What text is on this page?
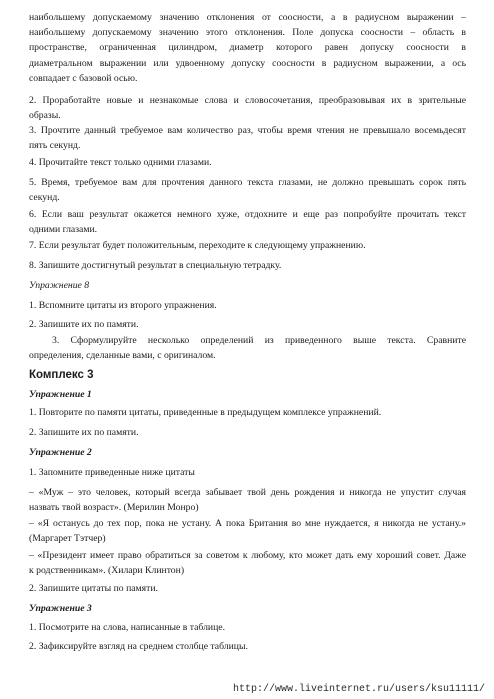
наибольшему допускаемому значению отклонения от соосности, а в радиусном выражении –
наибольшему допускаемому значению этого отклонения. Поле допуска соосности – область в
пространстве, ограниченная цилиндром, диаметр которого равен допуску соосности в
диаметральном выражении или удвоенному допуску соосности в радиусном выражении, а ось
совпадает с базовой осью.
2. Проработайте новые и незнакомые слова и словосочетания, преобразовывая их в зрительные
образы.
3. Прочтите данный требуемое вам количество раз, чтобы время чтения не превышало восемьдесят
пять секунд.
4. Прочитайте текст только одними глазами.
5. Время, требуемое вам для прочтения данного текста глазами, не должно превышать сорок пять
секунд.
6. Если ваш результат окажется немного хуже, отдохните и еще раз попробуйте прочитать текст
одними глазами.
7. Если результат будет положительным, переходите к следующему упражнению.
8. Запишите достигнутый результат в специальную тетрадку.
Упражнение 8
1. Вспомните цитаты из второго упражнения.
2. Запишите их по памяти.
3. Сформулируйте несколько определений из приведенного выше текста. Сравните
определения, сделанные вами, с оригиналом.
Комплекс 3
Упражнение 1
1. Повторите по памяти цитаты, приведенные в предыдущем комплексе упражнений.
2. Запишите их по памяти.
Упражнение 2
1. Запомните приведенные ниже цитаты
– «Муж – это человек, который всегда забывает твой день рождения и никогда не упустит случая
назвать твой возраст». (Мерилин Монро)
– «Я останусь до тех пор, пока не устану. А пока Британия во мне нуждается, я никогда не устану.»
(Маргарет Тэтчер)
– «Президент имеет право обратиться за советом к любому, кто может дать ему хороший совет. Даже
к родственникам». (Хилари Клинтон)
2. Запишите цитаты по памяти.
Упражнение 3
1. Посмотрите на слова, написанные в таблице.
2. Зафиксируйте взгляд на среднем столбце таблицы.
http://www.liveinternet.ru/users/ksu11111/
